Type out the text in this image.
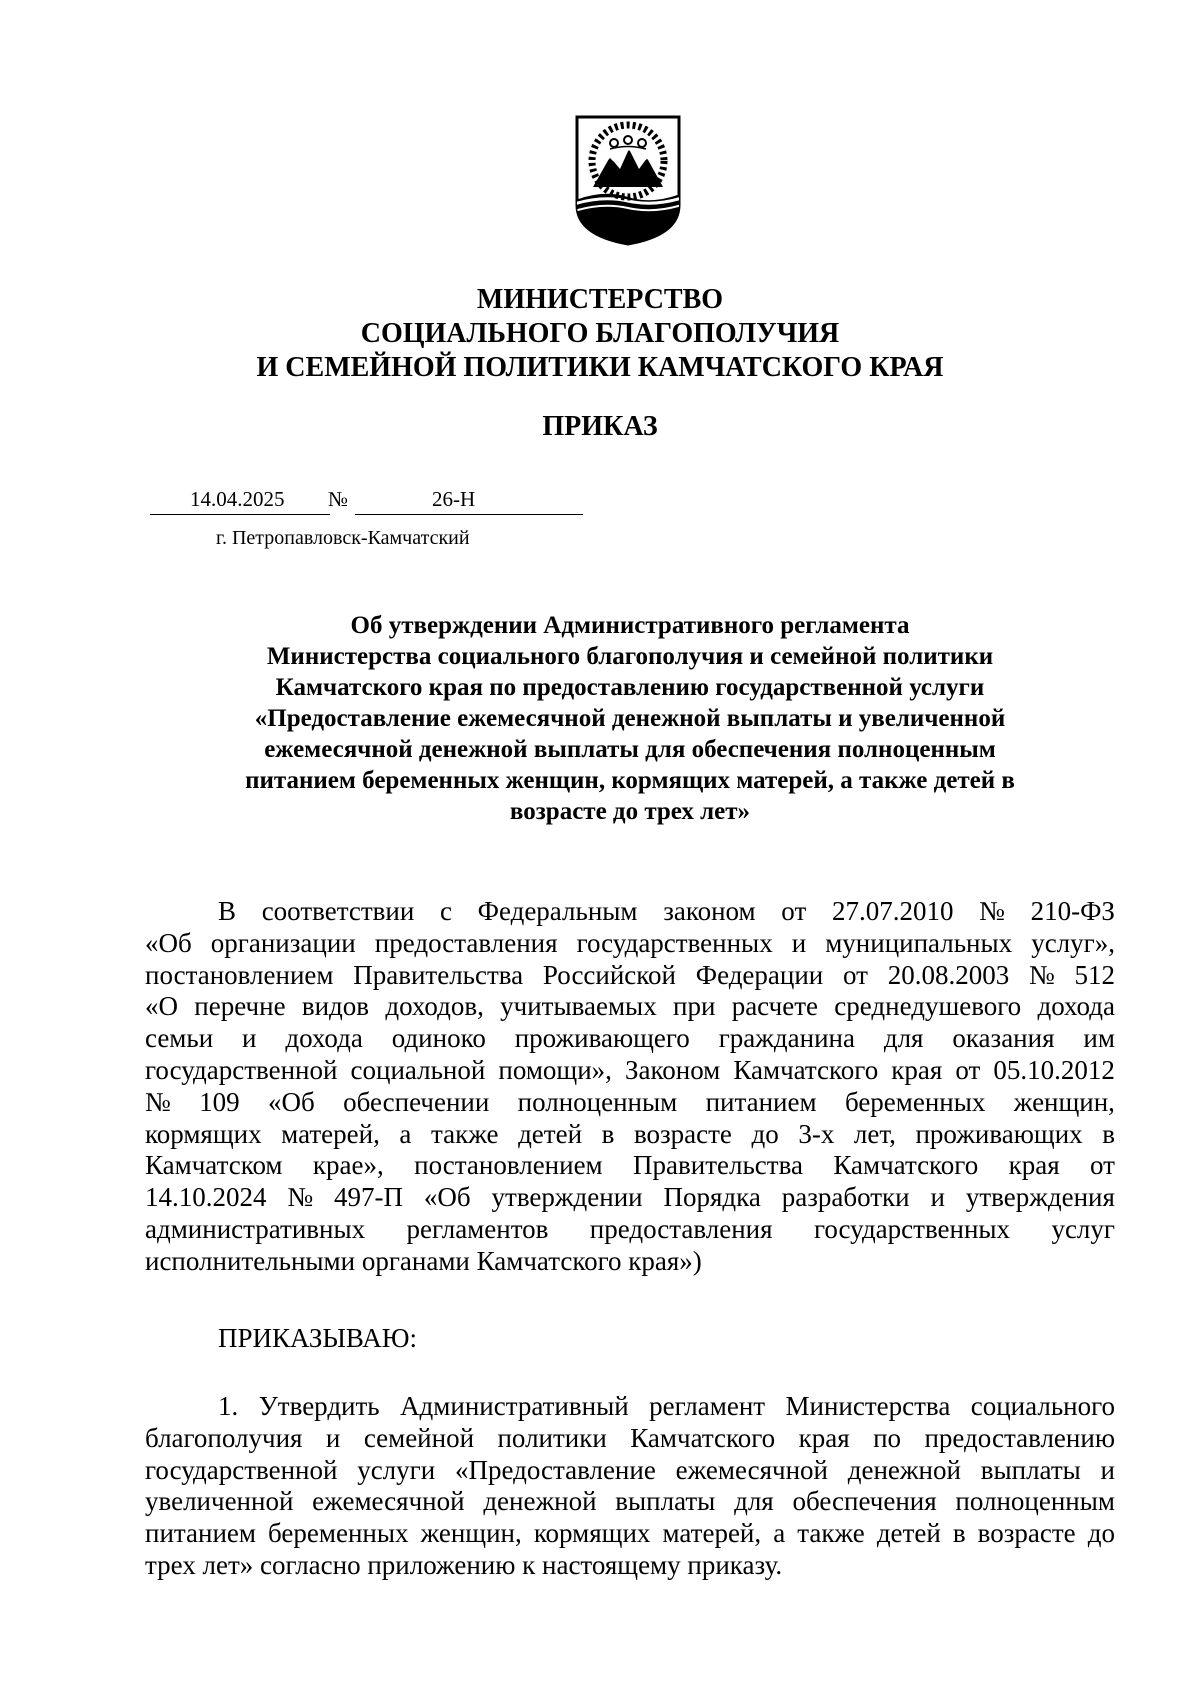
МИНИСТЕРСТВО
СОЦИАЛЬНОГО БЛАГОПОЛУЧИЯ
И СЕМЕЙНОЙ ПОЛИТИКИ КАМЧАТСКОГО КРАЯ
ПРИКАЗ
14.04.2025 №	26-Н
г. Петропавловск-Камчатский
Об утверждении Административного регламента
Министерства социального благополучия и семейной политики
Камчатского края по предоставлению государственной услуги
«Предоставление ежемесячной денежной выплаты и увеличенной
ежемесячной денежной выплаты для обеспечения полноценным
питанием беременных женщин, кормящих матерей, а также детей в
возрасте до трех лет»
В соответствии с Федеральным законом от 27.07.2010 № 210-ФЗ
«Об организации предоставления государственных и муниципальных услуг»,
постановлением Правительства Российской Федерации от 20.08.2003 № 512
«О перечне видов доходов, учитываемых при расчете среднедушевого дохода
семьи и дохода одиноко проживающего гражданина для оказания им
государственной социальной помощи», Законом Камчатского края от 05.10.2012
№ 109 «Об обеспечении полноценным питанием беременных женщин,
кормящих матерей, а также детей в возрасте до 3-х лет, проживающих в
Камчатском крае», постановлением Правительства Камчатского края от
14.10.2024 № 497-П «Об утверждении Порядка разработки и утверждения
административных регламентов предоставления государственных услуг
исполнительными органами Камчатского края»)
ПРИКАЗЫВАЮ:
1. Утвердить Административный регламент Министерства социального
благополучия и семейной политики Камчатского края по предоставлению
государственной услуги «Предоставление ежемесячной денежной выплаты и
увеличенной ежемесячной денежной выплаты для обеспечения полноценным
питанием беременных женщин, кормящих матерей, а также детей в возрасте до
трех лет» согласно приложению к настоящему приказу.
